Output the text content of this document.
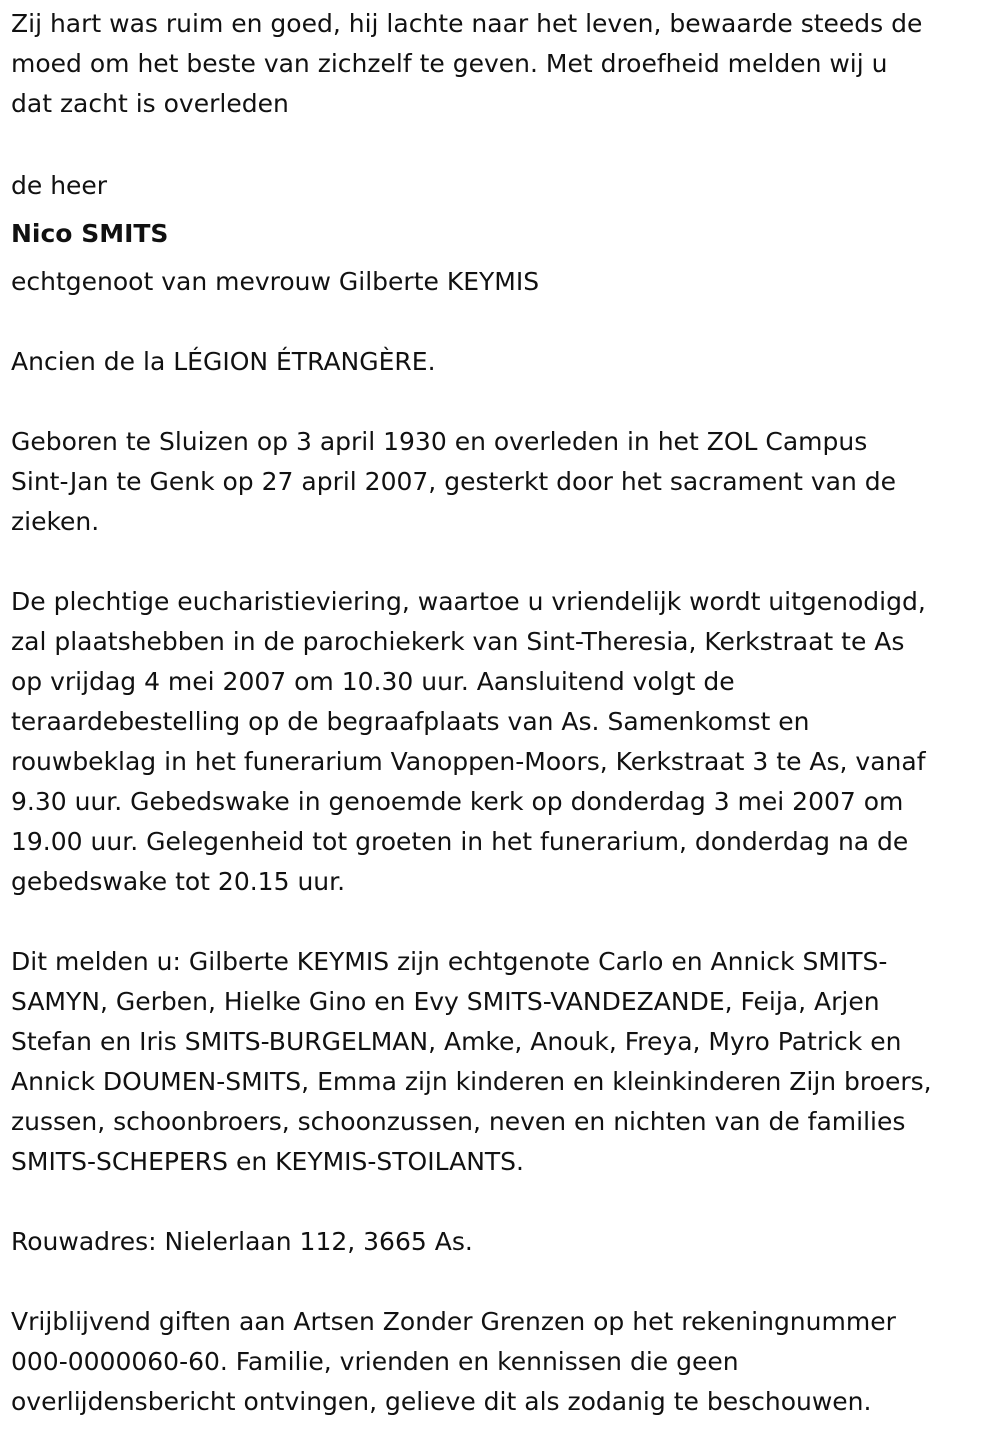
Zij hart was ruim en goed, hij lachte naar het leven, bewaarde steeds de
moed om het beste van zichzelf te geven. Met droefheid melden wij u
dat zacht is overleden

de heer

Nico SMITS

echtgenoot van mevrouw Gilberte KEYMIS

Ancien de la LÉGION ÉTRANGÈRE.

Geboren te Sluizen op 3 april 1930 en overleden in het ZOL Campus
Sint-Jan te Genk op 27 april 2007, gesterkt door het sacrament van de
zieken.

De plechtige eucharistieviering, waartoe u vriendelijk wordt uitgenodigd,
zal plaatshebben in de parochiekerk van Sint-Theresia, Kerkstraat te As
op vrijdag 4 mei 2007 om 10.30 uur. Aansluitend volgt de
teraardebestelling op de begraafplaats van As. Samenkomst en
rouwbeklag in het funerarium Vanoppen-Moors, Kerkstraat 3 te As, vanaf
9.30 uur. Gebedswake in genoemde kerk op donderdag 3 mei 2007 om
19.00 uur. Gelegenheid tot groeten in het funerarium, donderdag na de
gebedswake tot 20.15 uur.

Dit melden u: Gilberte KEYMIS zijn echtgenote Carlo en Annick SMITS-
SAMYN, Gerben, Hielke Gino en Evy SMITS-VANDEZANDE, Feija, Arjen
Stefan en Iris SMITS-BURGELMAN, Amke, Anouk, Freya, Myro Patrick en
Annick DOUMEN-SMITS, Emma zijn kinderen en kleinkinderen Zijn broers,
zussen, schoonbroers, schoonzussen, neven en nichten van de families
SMITS-SCHEPERS en KEYMIS-STOILANTS.

Rouwadres: Nielerlaan 112, 3665 As.

Vrijblijvend giften aan Artsen Zonder Grenzen op het rekeningnummer
000-0000060-60. Familie, vrienden en kennissen die geen
overlijdensbericht ontvingen, gelieve dit als zodanig te beschouwen.
